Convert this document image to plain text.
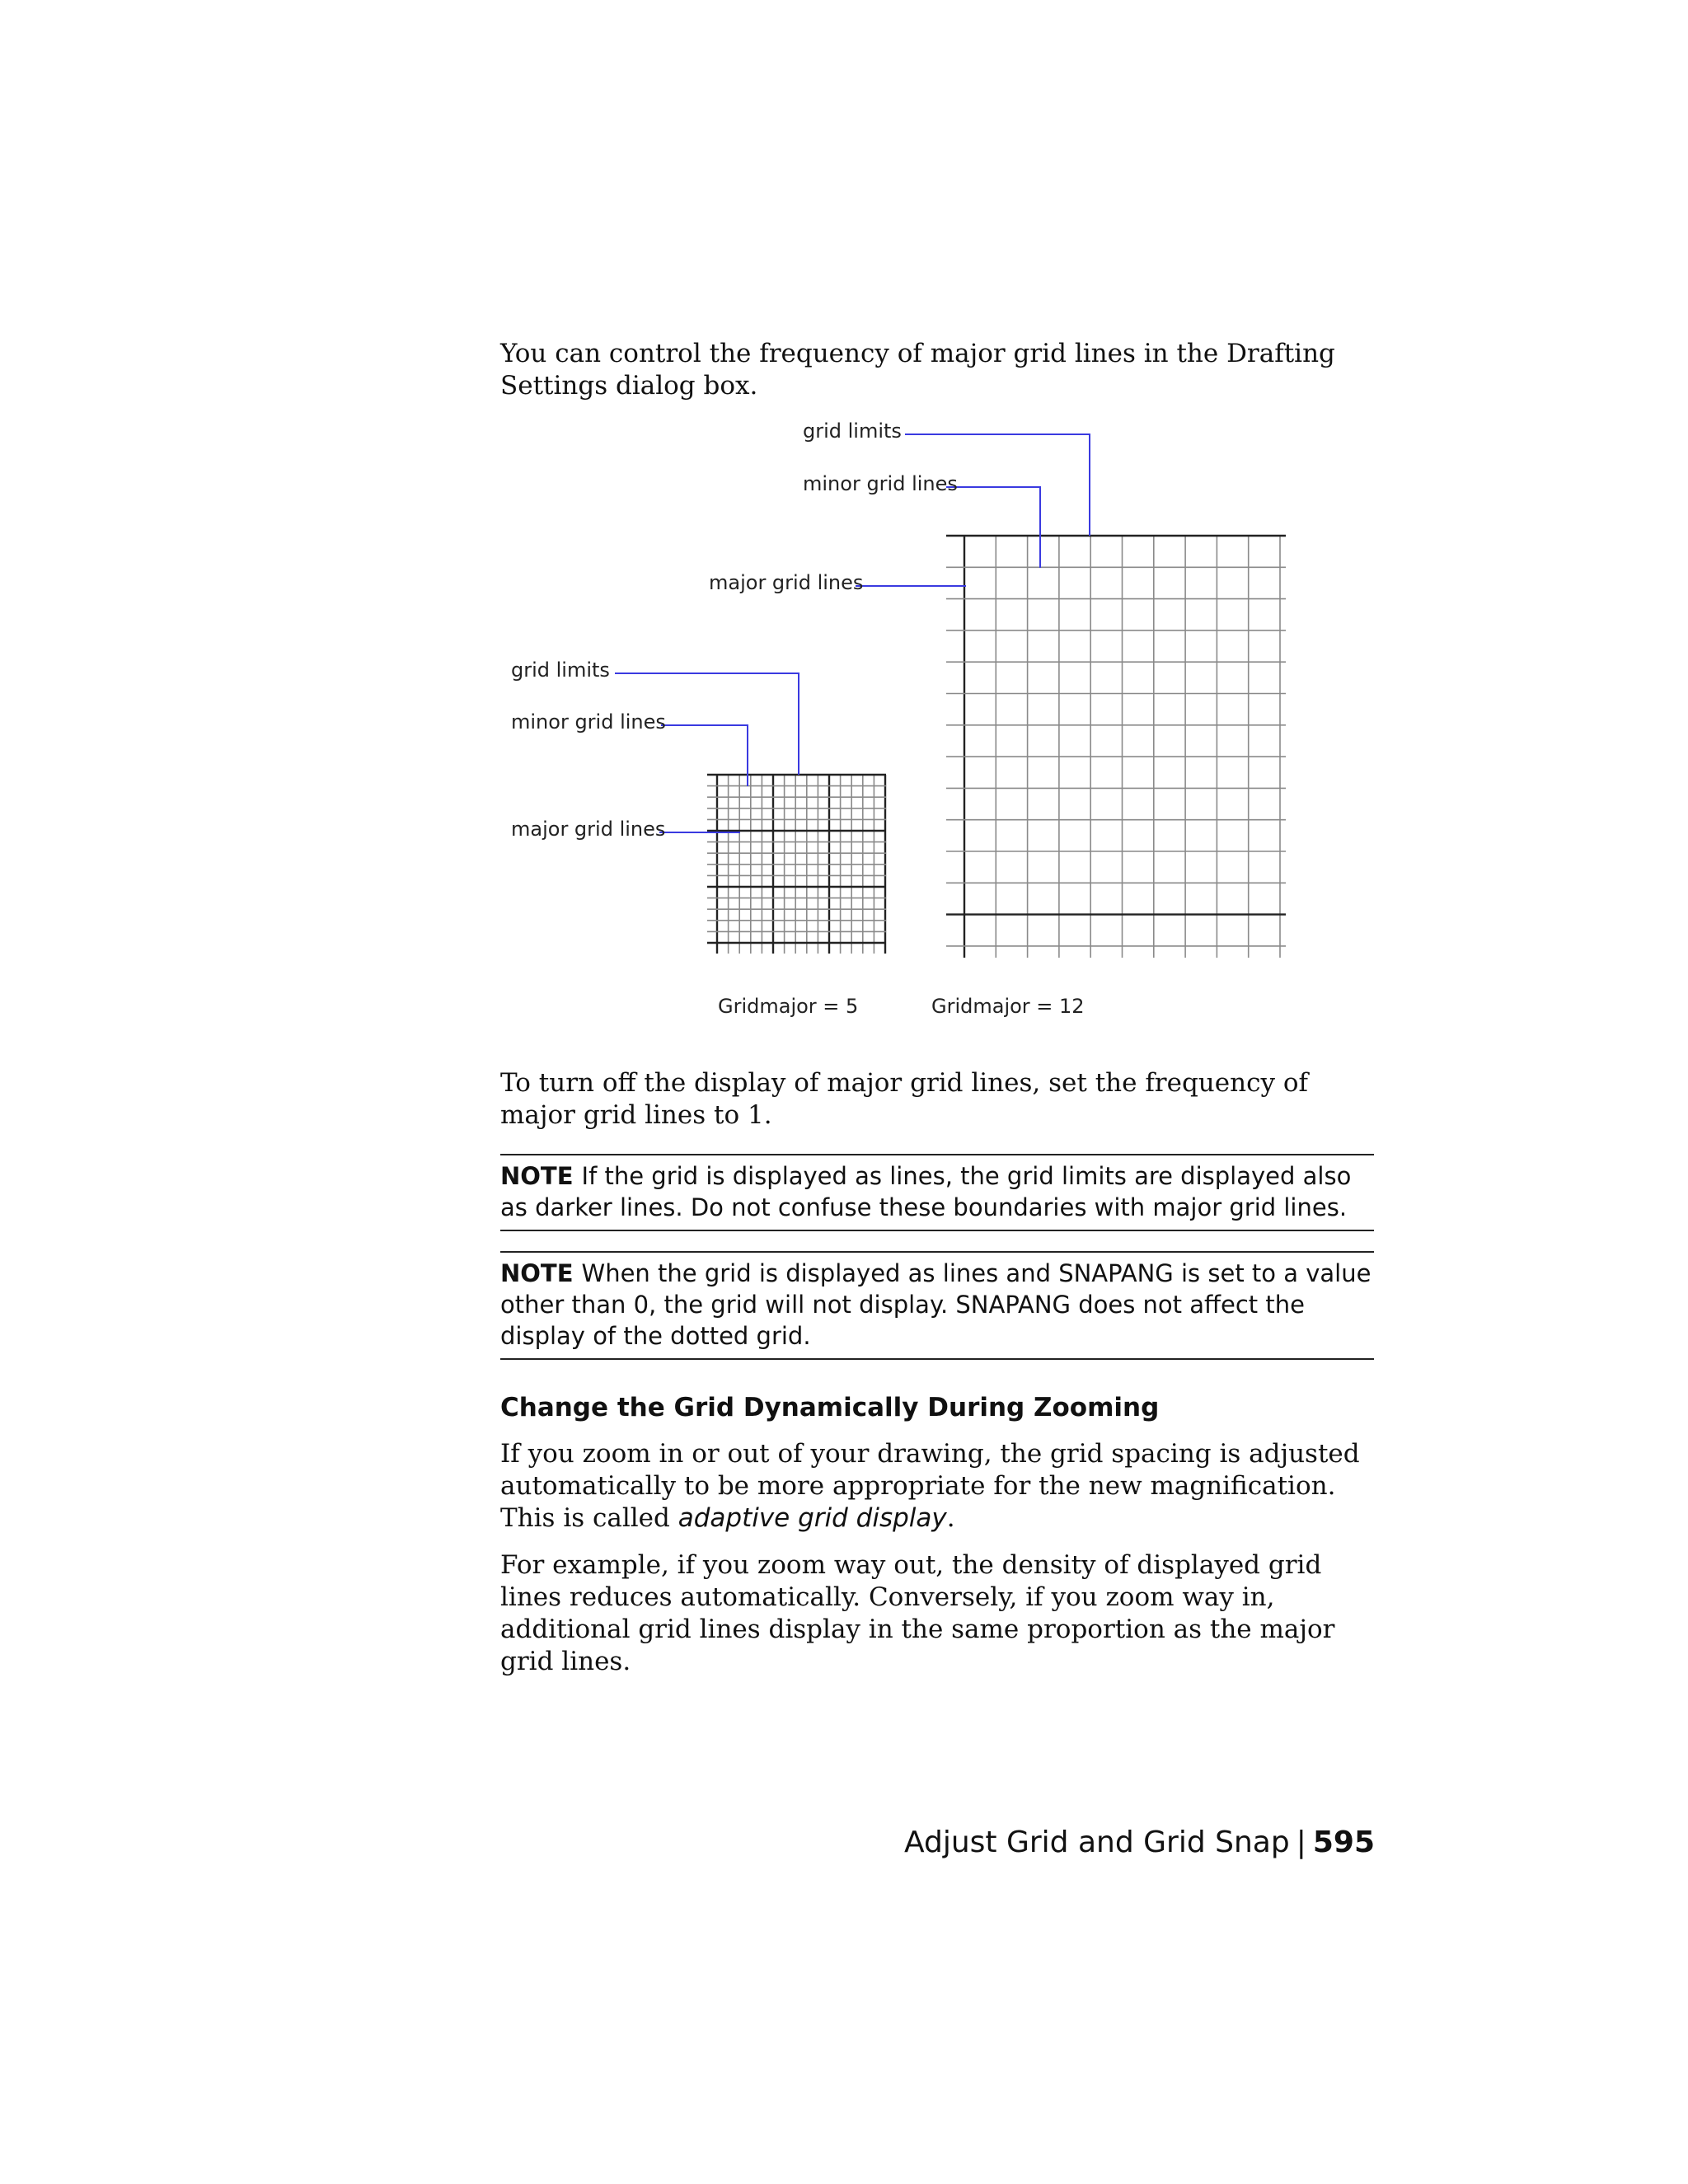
You can control the frequency of major grid lines in the Drafting Settings dialog box.

grid limits
minor grid lines
major grid lines
grid limits
minor grid lines
major grid lines
Gridmajor = 5	Gridmajor = 12

To turn off the display of major grid lines, set the frequency of major grid lines to 1.

NOTE If the grid is displayed as lines, the grid limits are displayed also as darker lines. Do not confuse these boundaries with major grid lines.
NOTE When the grid is displayed as lines and SNAPANG is set to a value other than 0, the grid will not display. SNAPANG does not affect the display of the dotted grid.
Change the Grid Dynamically During Zooming

If you zoom in or out of your drawing, the grid spacing is adjusted automatically to be more appropriate for the new magnification. This is called adaptive grid display.

For example, if you zoom way out, the density of displayed grid lines reduces automatically. Conversely, if you zoom way in, additional grid lines display in the same proportion as the major grid lines.

Adjust Grid and Grid Snap | 595
